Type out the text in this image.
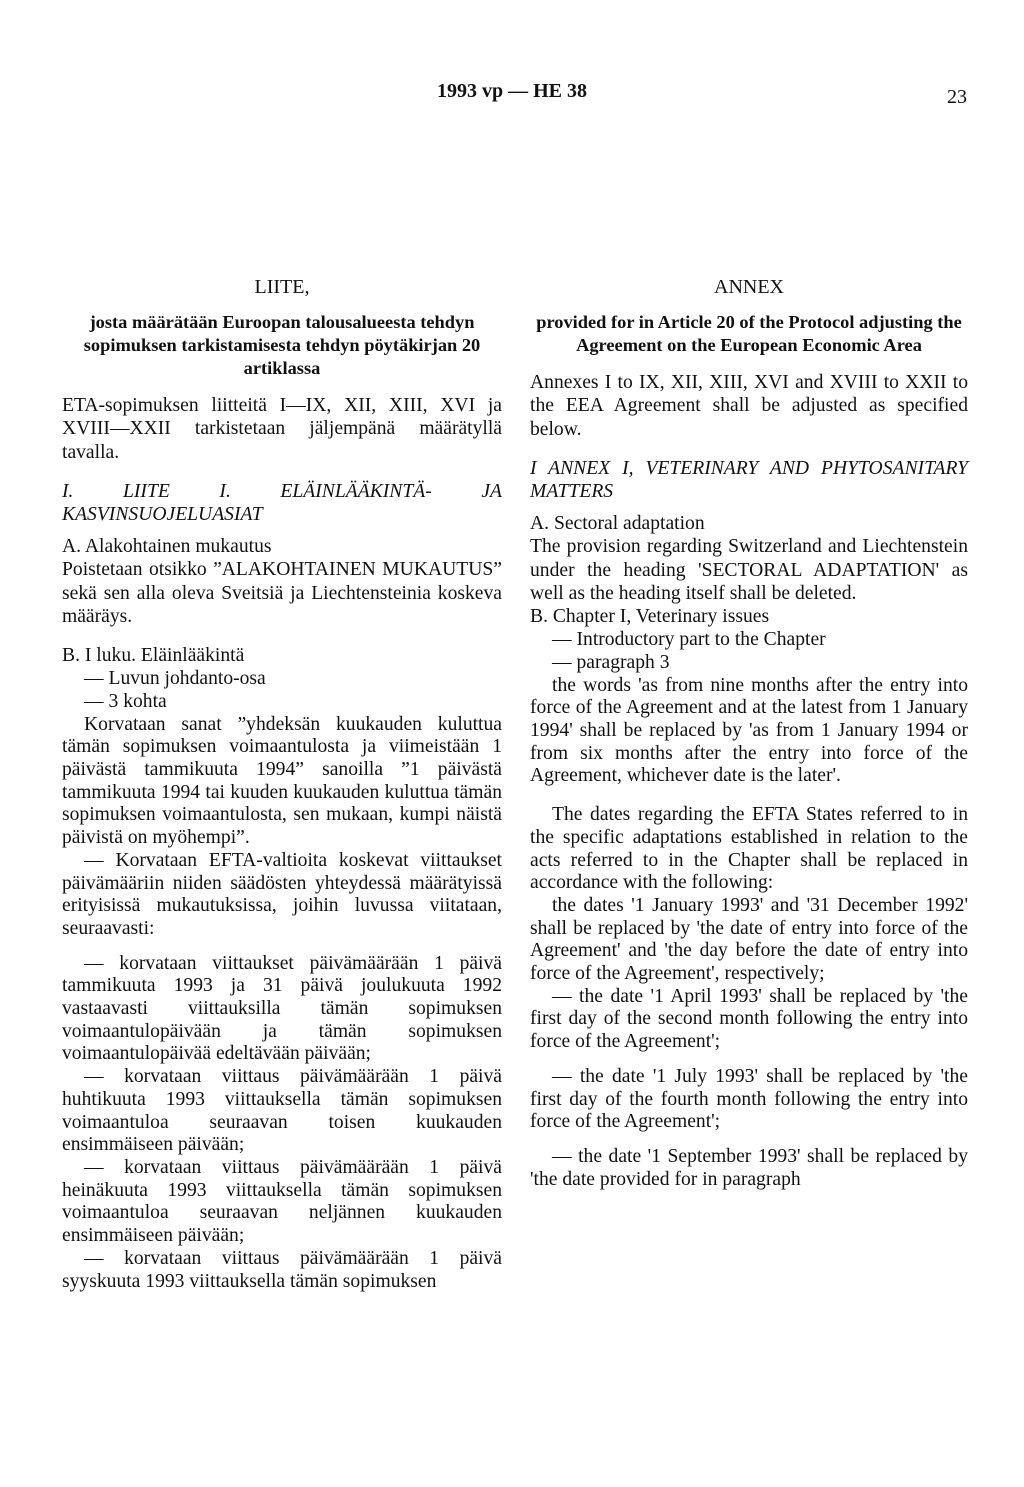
1993 vp — HE 38	23

LIITE,

josta määrätään Euroopan talousalueesta tehdyn sopimuksen tarkistamisesta tehdyn pöytäkirjan 20 artiklassa

ETA-sopimuksen liitteitä I—IX, XII, XIII, XVI ja XVIII—XXII tarkistetaan jäljempänä määrätyllä tavalla.

I. LIITE I. ELÄINLÄÄKINTÄ- JA KASVINSUOJELUASIAT

A. Alakohtainen mukautus

Poistetaan otsikko ”ALAKOHTAINEN MUKAUTUS” sekä sen alla oleva Sveitsiä ja Liechtensteinia koskeva määräys.

B. I luku. Eläinlääkintä

— Luvun johdanto-osa

— 3 kohta

Korvataan sanat ”yhdeksän kuukauden kuluttua tämän sopimuksen voimaantulosta ja viimeistään 1 päivästä tammikuuta 1994” sanoilla ”1 päivästä tammikuuta 1994 tai kuuden kuukauden kuluttua tämän sopimuksen voimaantulosta, sen mukaan, kumpi näistä päivistä on myöhempi”.

— Korvataan EFTA-valtioita koskevat viittaukset päivämääriin niiden säädösten yhteydessä määrätyissä erityisissä mukautuksissa, joihin luvussa viitataan, seuraavasti:

— korvataan viittaukset päivämäärään 1 päivä tammikuuta 1993 ja 31 päivä joulukuuta 1992 vastaavasti viittauksilla tämän sopimuksen voimaantulopäivään ja tämän sopimuksen voimaantulopäivää edeltävään päivään;

— korvataan viittaus päivämäärään 1 päivä huhtikuuta 1993 viittauksella tämän sopimuksen voimaantuloa seuraavan toisen kuukauden ensimmäiseen päivään;

— korvataan viittaus päivämäärään 1 päivä heinäkuuta 1993 viittauksella tämän sopimuksen voimaantuloa seuraavan neljännen kuukauden ensimmäiseen päivään;

— korvataan viittaus päivämäärään 1 päivä syyskuuta 1993 viittauksella tämän sopimuksen

ANNEX

provided for in Article 20 of the Protocol adjusting the Agreement on the European Economic Area

Annexes I to IX, XII, XIII, XVI and XVIII to XXII to the EEA Agreement shall be adjusted as specified below.

I ANNEX I, VETERINARY AND PHYTOSANITARY MATTERS

A. Sectoral adaptation

The provision regarding Switzerland and Liechtenstein under the heading 'SECTORAL ADAPTATION' as well as the heading itself shall be deleted.

B. Chapter I, Veterinary issues

— Introductory part to the Chapter

— paragraph 3

the words 'as from nine months after the entry into force of the Agreement and at the latest from 1 January 1994' shall be replaced by 'as from 1 January 1994 or from six months after the entry into force of the Agreement, whichever date is the later'.

The dates regarding the EFTA States referred to in the specific adaptations established in relation to the acts referred to in the Chapter shall be replaced in accordance with the following:

the dates '1 January 1993' and '31 December 1992' shall be replaced by 'the date of entry into force of the Agreement' and 'the day before the date of entry into force of the Agreement', respectively;

— the date '1 April 1993' shall be replaced by 'the first day of the second month following the entry into force of the Agreement';

— the date '1 July 1993' shall be replaced by 'the first day of the fourth month following the entry into force of the Agreement';

— the date '1 September 1993' shall be replaced by 'the date provided for in paragraph
